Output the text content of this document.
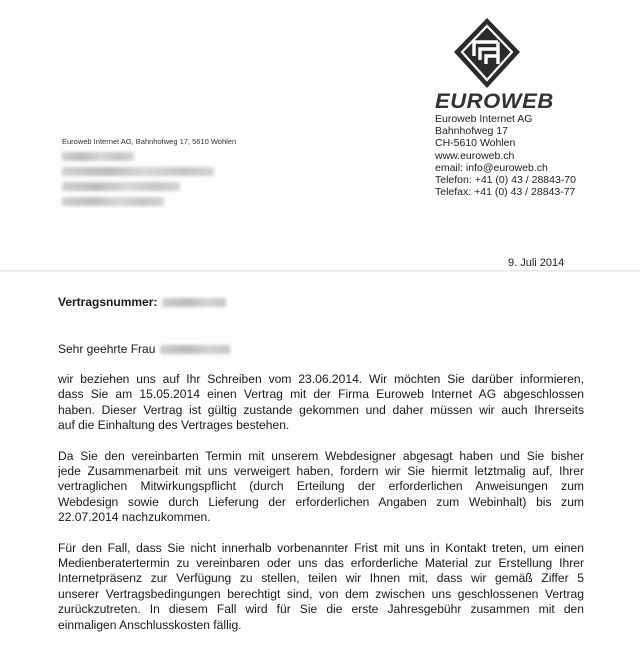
EUROWEB
Euroweb Internet AG
Bahnhofweg 17
CH-5610 Wohlen
www.euroweb.ch
email: info@euroweb.ch
Telefon: +41 (0) 43 / 28843-70
Telefax: +41 (0) 43 / 28843-77
Euroweb Internet AG, Bahnhofweg 17, 5610 Wohlen
9. Juli 2014
Vertragsnummer:
Sehr geehrte Frau
wir beziehen uns auf Ihr Schreiben vom 23.06.2014. Wir möchten Sie darüber informieren,
dass Sie am 15.05.2014 einen Vertrag mit der Firma Euroweb Internet AG abgeschlossen
haben. Dieser Vertrag ist gültig zustande gekommen und daher müssen wir auch Ihrerseits
auf die Einhaltung des Vertrages bestehen.
Da Sie den vereinbarten Termin mit unserem Webdesigner abgesagt haben und Sie bisher
jede Zusammenarbeit mit uns verweigert haben, fordern wir Sie hiermit letztmalig auf, Ihrer
vertraglichen Mitwirkungspflicht (durch Erteilung der erforderlichen Anweisungen zum
Webdesign sowie durch Lieferung der erforderlichen Angaben zum Webinhalt) bis zum
22.07.2014 nachzukommen.
Für den Fall, dass Sie nicht innerhalb vorbenannter Frist mit uns in Kontakt treten, um einen
Medienberatertermin zu vereinbaren oder uns das erforderliche Material zur Erstellung Ihrer
Internetpräsenz zur Verfügung zu stellen, teilen wir Ihnen mit, dass wir gemäß Ziffer 5
unserer Vertragsbedingungen berechtigt sind, von dem zwischen uns geschlossenen Vertrag
zurückzutreten. In diesem Fall wird für Sie die erste Jahresgebühr zusammen mit den
einmaligen Anschlusskosten fällig.
